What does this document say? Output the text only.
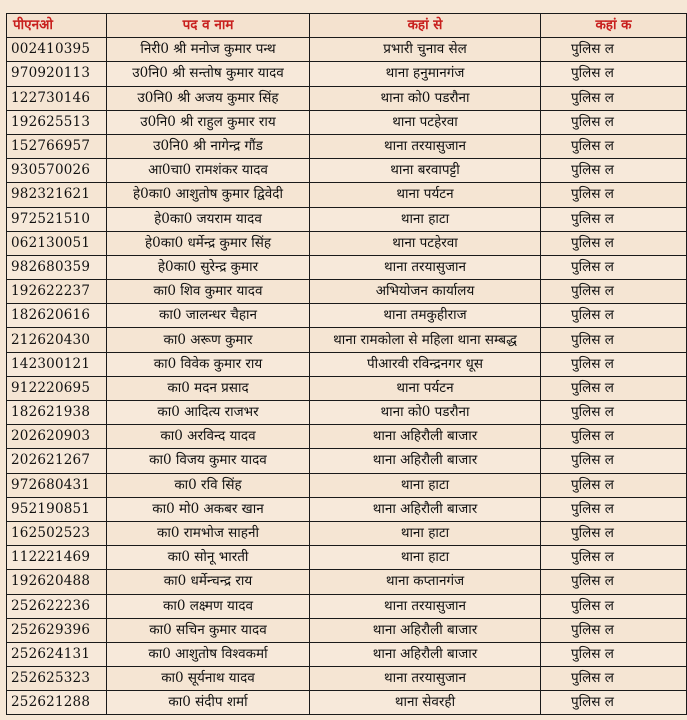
पीएनओ	पद व नाम	कहां से	कहां क
002410395	निरी0 श्री मनोज कुमार पन्थ	प्रभारी चुनाव सेल	पुलिस ल
970920113	उ0नि0 श्री सन्तोष कुमार यादव	थाना हनुमानगंज	पुलिस ल
122730146	उ0नि0 श्री अजय कुमार सिंह	थाना को0 पडरौना	पुलिस ल
192625513	उ0नि0 श्री राहुल कुमार राय	थाना पटहेरवा	पुलिस ल
152766957	उ0नि0 श्री नागेन्द्र गौंड	थाना तरयासुजान	पुलिस ल
930570026	आ0चा0 रामशंकर यादव	थाना बरवापट्टी	पुलिस ल
982321621	हे0का0 आशुतोष कुमार द्विवेदी	थाना पर्यटन	पुलिस ल
972521510	हे0का0 जयराम यादव	थाना हाटा	पुलिस ल
062130051	हे0का0 धर्मेन्द्र कुमार सिंह	थाना पटहेरवा	पुलिस ल
982680359	हे0का0 सुरेन्द्र कुमार	थाना तरयासुजान	पुलिस ल
192622237	का0 शिव कुमार यादव	अभियोजन कार्यालय	पुलिस ल
182620616	का0 जालन्धर चैहान	थाना तमकुहीराज	पुलिस ल
212620430	का0 अरूण कुमार	थाना रामकोला से महिला थाना सम्बद्ध	पुलिस ल
142300121	का0 विवेक कुमार राय	पीआरवी रविन्द्रनगर धूस	पुलिस ल
912220695	का0 मदन प्रसाद	थाना पर्यटन	पुलिस ल
182621938	का0 आदित्य राजभर	थाना को0 पडरौना	पुलिस ल
202620903	का0 अरविन्द यादव	थाना अहिरौली बाजार	पुलिस ल
202621267	का0 विजय कुमार यादव	थाना अहिरौली बाजार	पुलिस ल
972680431	का0 रवि सिंह	थाना हाटा	पुलिस ल
952190851	का0 मो0 अकबर खान	थाना अहिरौली बाजार	पुलिस ल
162502523	का0 रामभोज साहनी	थाना हाटा	पुलिस ल
112221469	का0 सोनू भारती	थाना हाटा	पुलिस ल
192620488	का0 धर्मेन्चन्द्र राय	थाना कप्तानगंज	पुलिस ल
252622236	का0 लक्ष्मण यादव	थाना तरयासुजान	पुलिस ल
252629396	का0 सचिन कुमार यादव	थाना अहिरौली बाजार	पुलिस ल
252624131	का0 आशुतोष विश्वकर्मा	थाना अहिरौली बाजार	पुलिस ल
252625323	का0 सूर्यनाथ यादव	थाना तरयासुजान	पुलिस ल
252621288	का0 संदीप शर्मा	थाना सेवरही	पुलिस ल
